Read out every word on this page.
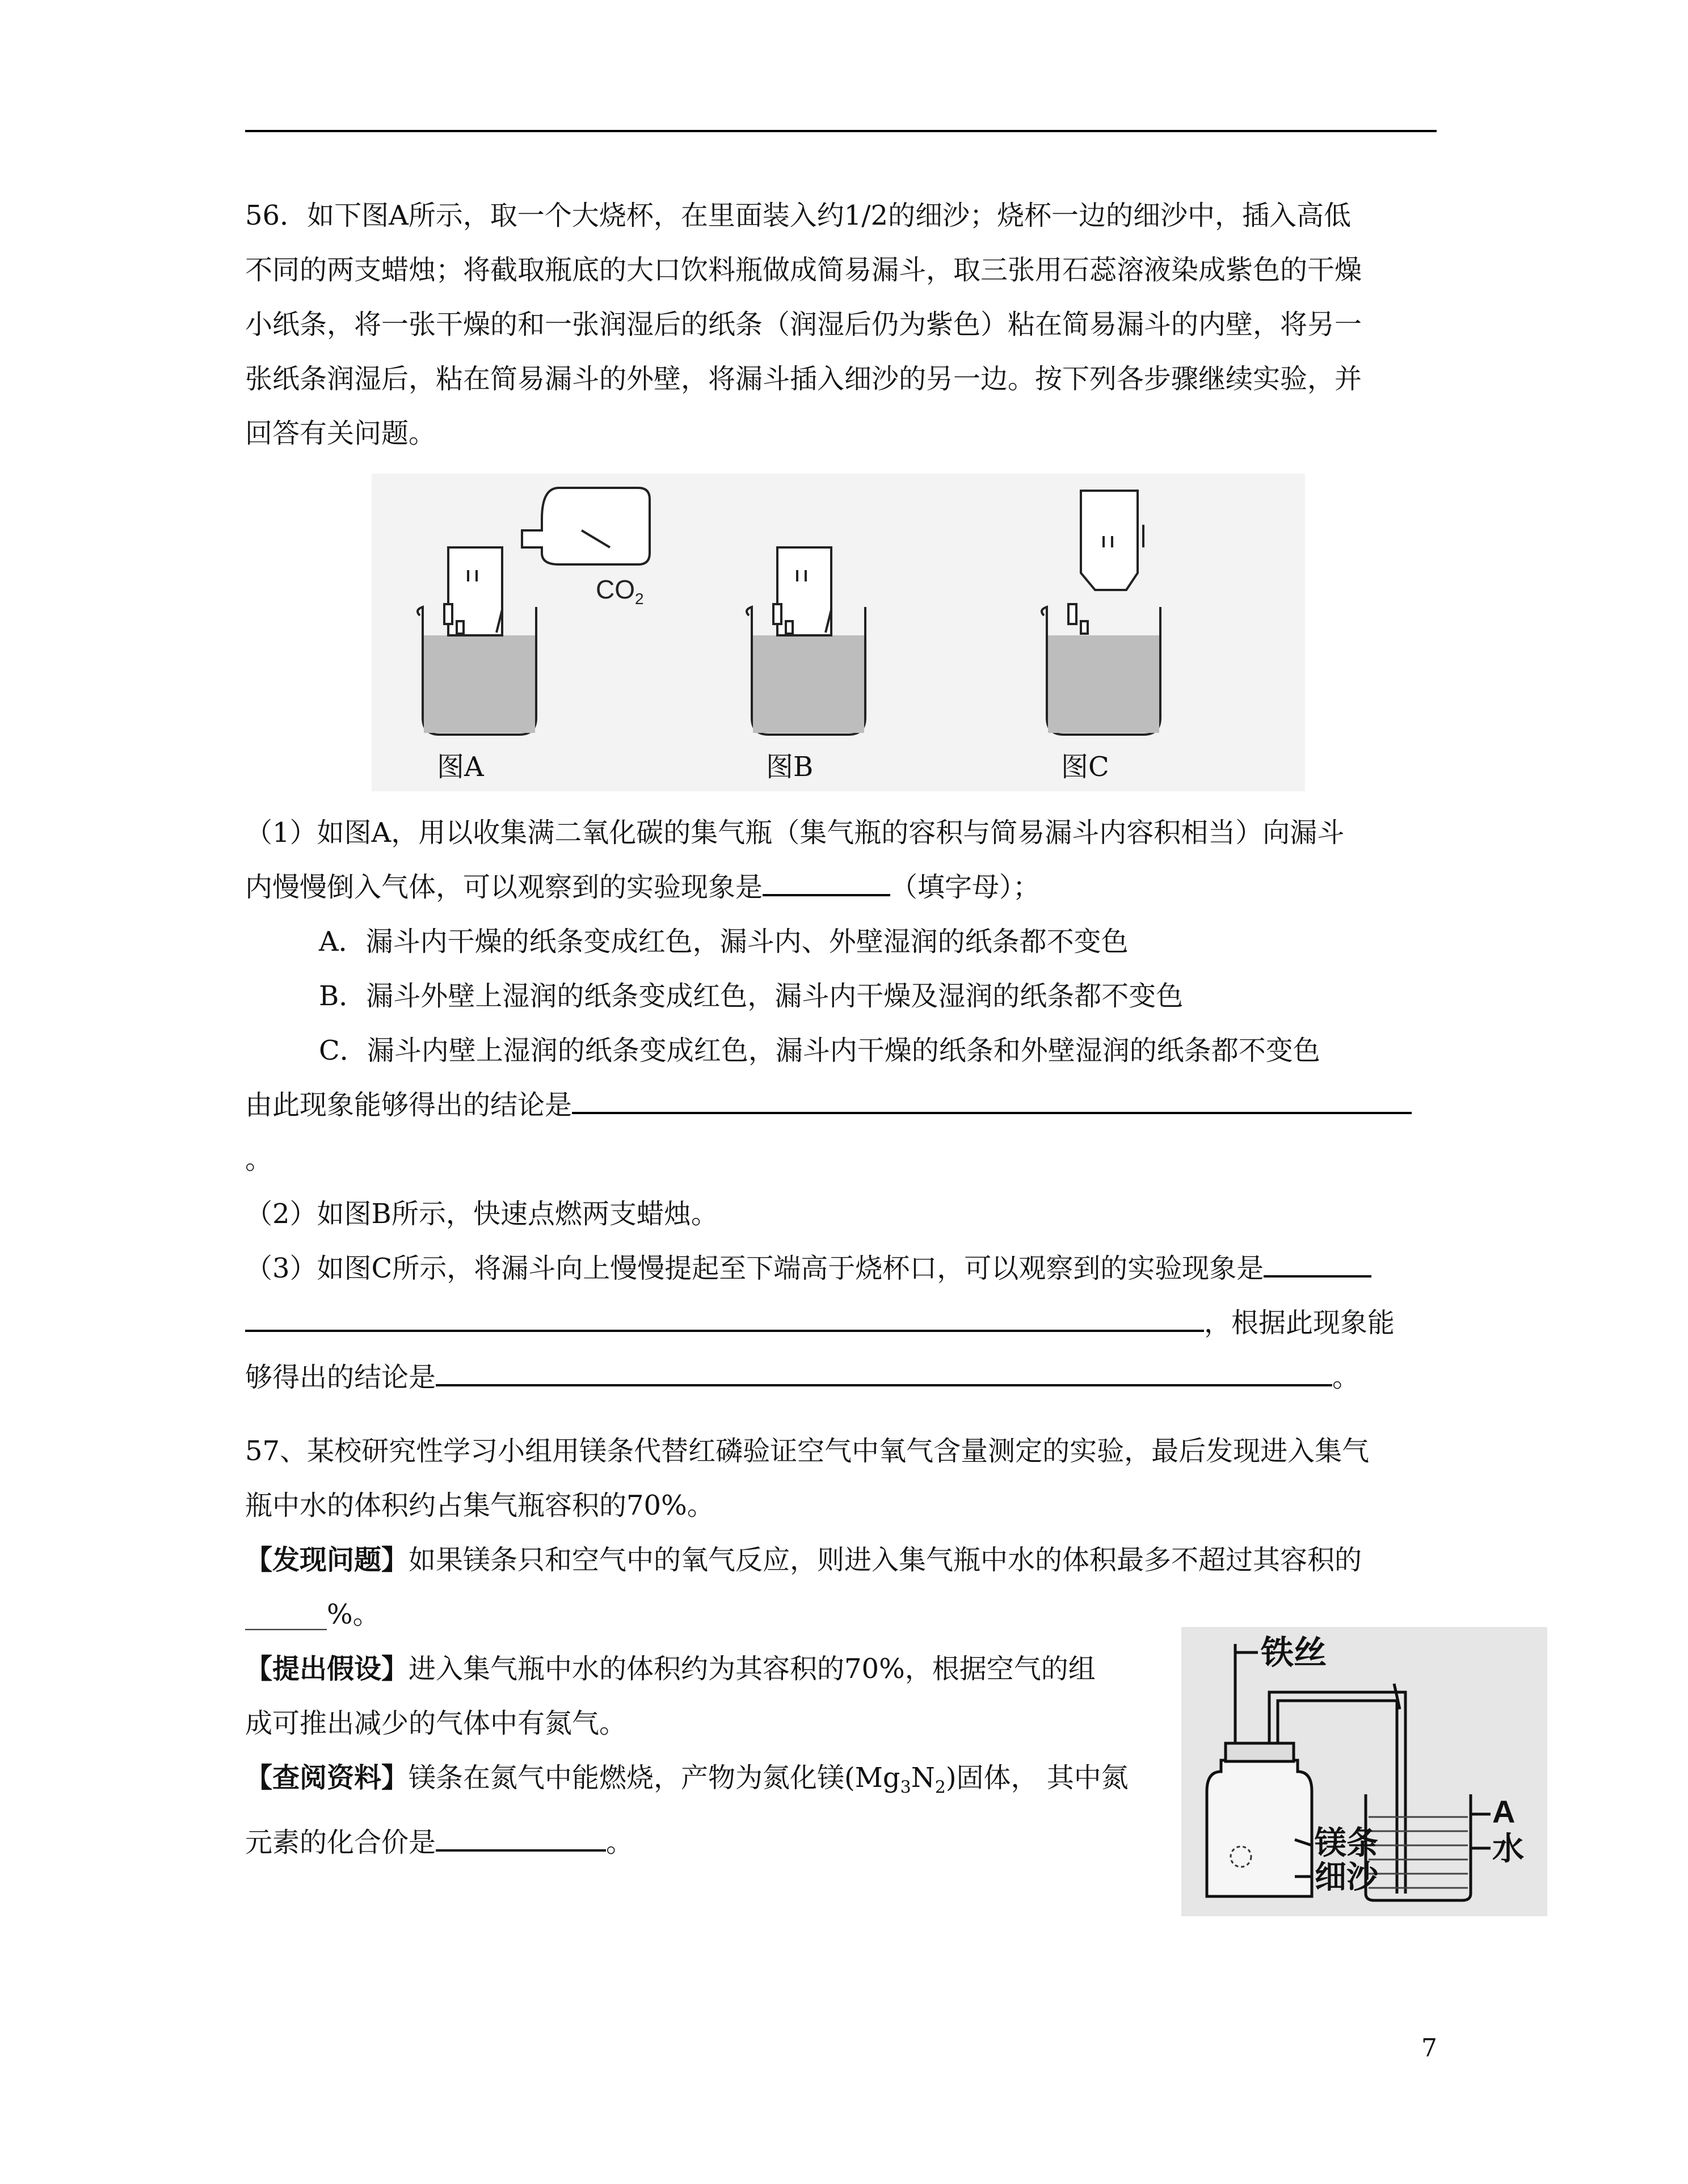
56．如下图A所示，取一个大烧杯，在里面装入约1/2的细沙；烧杯一边的细沙中，插入高低
不同的两支蜡烛；将截取瓶底的大口饮料瓶做成简易漏斗，取三张用石蕊溶液染成紫色的干燥
小纸条，将一张干燥的和一张润湿后的纸条（润湿后仍为紫色）粘在简易漏斗的内壁，将另一
张纸条润湿后，粘在简易漏斗的外壁，将漏斗插入细沙的另一边。按下列各步骤继续实验，并
回答有关问题。
$CO_2$
图A	图B	图C
（1）如图A，用以收集满二氧化碳的集气瓶（集气瓶的容积与简易漏斗内容积相当）向漏斗
内慢慢倒入气体，可以观察到的实验现象是	（填字母）；
A．漏斗内干燥的纸条变成红色，漏斗内、外壁湿润的纸条都不变色
B．漏斗外壁上湿润的纸条变成红色，漏斗内干燥及湿润的纸条都不变色
C．漏斗内壁上湿润的纸条变成红色，漏斗内干燥的纸条和外壁湿润的纸条都不变色
由此现象能够得出的结论是
。
（2）如图B所示，快速点燃两支蜡烛。
（3）如图C所示，将漏斗向上慢慢提起至下端高于烧杯口，可以观察到的实验现象是
，根据此现象能
够得出的结论是	。
57、某校研究性学习小组用镁条代替红磷验证空气中氧气含量测定的实验，最后发现进入集气
瓶中水的体积约占集气瓶容积的70%。
【发现问题】如果镁条只和空气中的氧气反应，则进入集气瓶中水的体积最多不超过其容积的
______%。
【提出假设】进入集气瓶中水的体积约为其容积的70%，根据空气的组
成可推出减少的气体中有氮气。
【查阅资料】镁条在氮气中能燃烧，产物为氮化镁$(Mg_3N_2)$固体， 其中氮
元素的化合价是	。
铁丝
A
镁条	水
细沙
7
